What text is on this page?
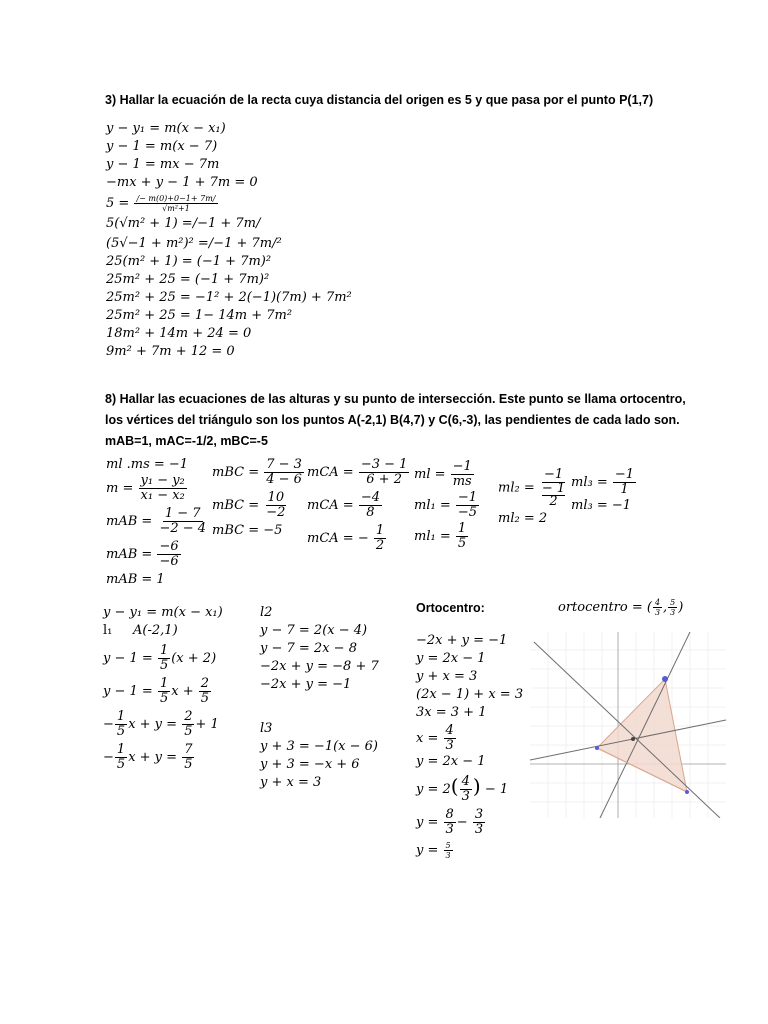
3) Hallar la ecuación de la recta cuya distancia del origen es 5 y que pasa por el punto P(1,7)
y − y₁ = m(x − x₁)
y − 1 = m(x − 7)
y − 1 = mx − 7m
−mx + y − 1 + 7m = 0
$5 = \frac{/- m(0)+0-1+ 7m/}{\text{√m²+1}}$
5(√m² + 1) =/−1 + 7m/
(5√−1 + m²)² =/−1 + 7m/²
25(m² + 1) = (−1 + 7m)²
25m² + 25 = (−1 + 7m)²
25m² + 25 = −1² + 2(−1)(7m) + 7m²
25m² + 25 = 1− 14m + 7m²
18m² + 14m + 24 = 0
9m² + 7m + 12 = 0
8) Hallar las ecuaciones de las alturas y su punto de intersección. Este punto se llama ortocentro,
los vértices del triángulo son los puntos A(-2,1) B(4,7) y C(6,-3), las pendientes de cada lado son.
mAB=1, mAC=-1/2, mBC=-5
ml .ms = −1
$m = \frac{\text{y₁ − y₂}}{\text{x₁ − x₂}}$
mAB = $\frac{1 - 7}{-2 - 4}$
mAB = $\frac{-6}{-6}$
mAB = 1
mBC = $\frac{7 - 3}{4 - 6}$
mBC = $\frac{10}{-2}$
mBC = −5
mCA = $\frac{-3 - 1}{6 + 2}$
mCA = $\frac{-4}{8}$
mCA = − $\frac{1}{2}$
ml = $\frac{-1}{ms}$
$ml_1 = \frac{-1}{-5}$
$ml_1 = \frac{1}{5}$
ml₂ = −1
− 1
2
ml₂ = 2
$ml_3 = \frac{-1}{1}$
ml₃ = −1
y − y₁ = m(x − x₁)
l₁ A(-2,1)
$y - 1 = \frac{1}{5} (x + 2)$
$y - 1 = \frac{1}{5}$ $x + \frac{2}{5}$
− $\frac{1}{5}$ $x + y = \frac{2}{5} + 1$
− $\frac{1}{5}$ $x + y = \frac{7}{5}$
l2
y − 7 = 2(x − 4)
y − 7 = 2x − 8
−2x + y = −8 + 7
−2x + y = −1
l3
y + 3 = −1(x − 6)
y + 3 = −x + 6
y + x = 3
Ortocentro:	ortocentro = ( $\frac{4}{3}$ , $\frac{5}{3}$ )
−2x + y = −1
y = 2x − 1
y + x = 3
(2x − 1) + x = 3
3x = 3 + 1
$x = \frac{4}{3}$
y = 2x − 1
$y = 2( \frac{4}{3}$ ) − 1
$y = \frac{8}{3} - \frac{3}{3}$
$y = \frac{5}{3}$
